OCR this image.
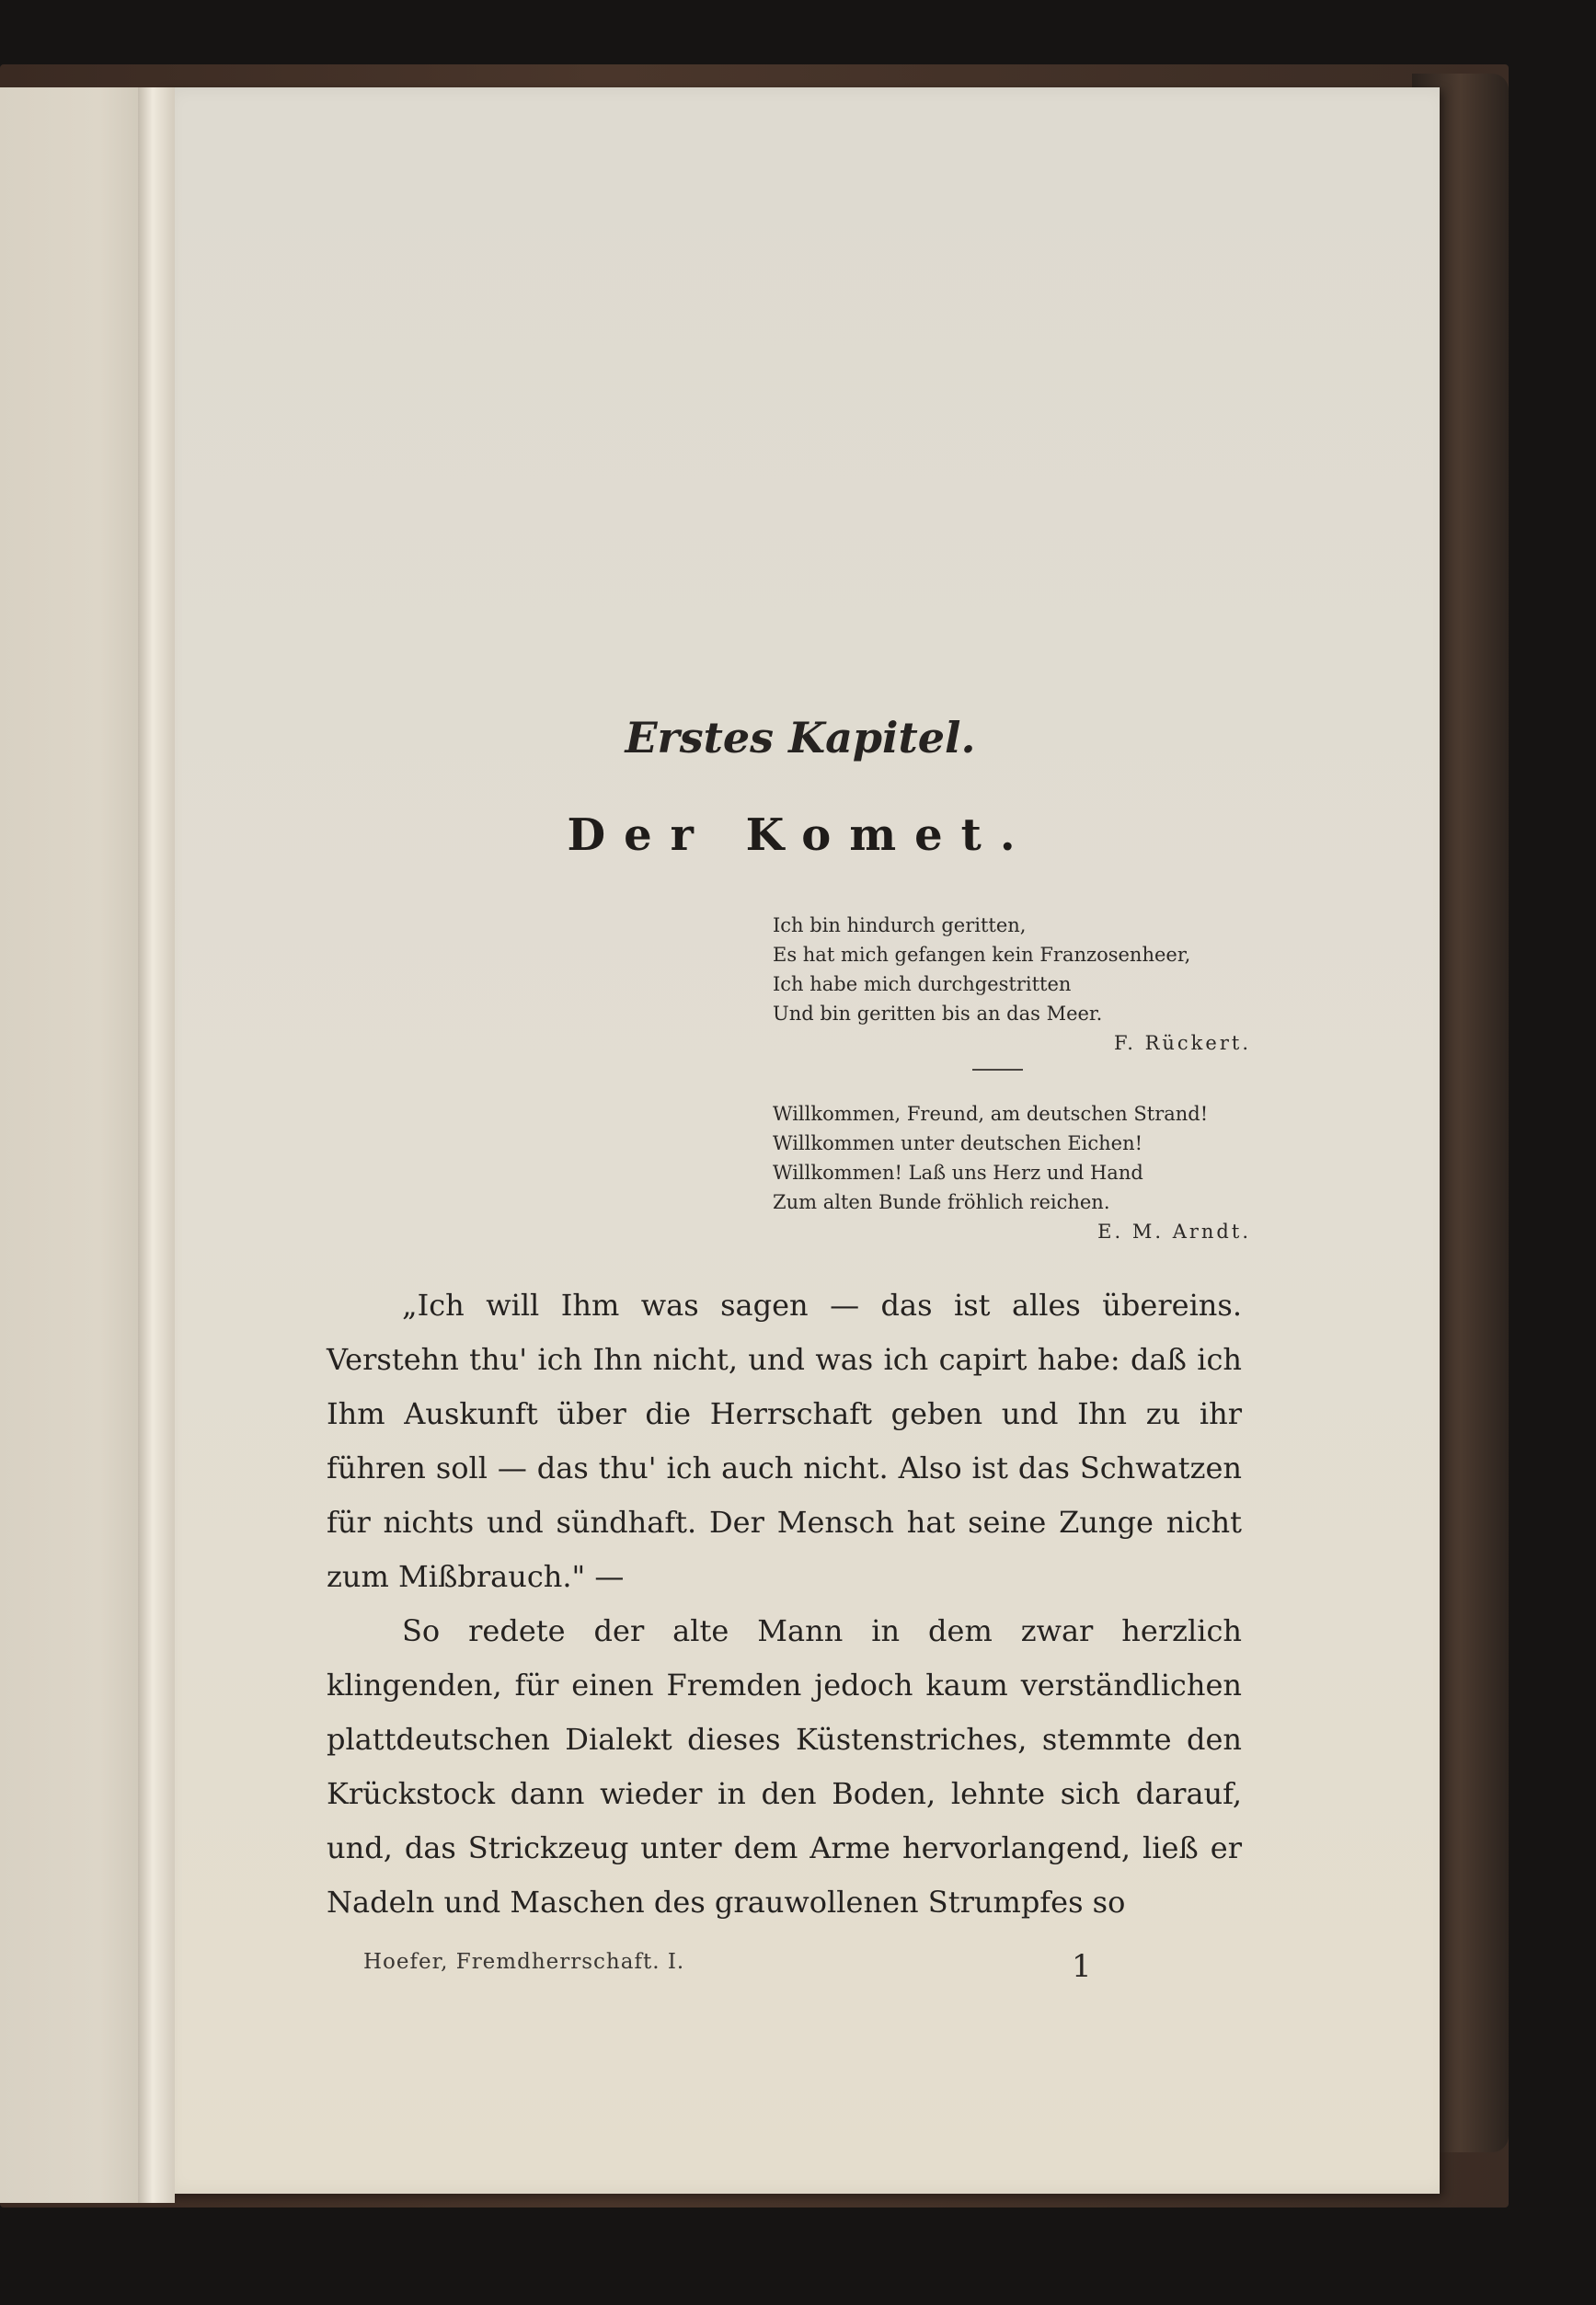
Erstes Kapitel.
Der Komet.
Ich bin hindurch geritten,
Es hat mich gefangen kein Franzosenheer,
Ich habe mich durchgestritten
Und bin geritten bis an das Meer.
F. Rückert.
Willkommen, Freund, am deutschen Strand!
Willkommen unter deutschen Eichen!
Willkommen! Laß uns Herz und Hand
Zum alten Bunde fröhlich reichen.
E. M. Arndt.

„Ich will Ihm was sagen — das ist alles übereins. Verstehn thu' ich Ihn nicht, und was ich capirt habe: daß ich Ihm Auskunft über die Herrschaft geben und Ihn zu ihr führen soll — das thu' ich auch nicht. Also ist das Schwatzen für nichts und sündhaft. Der Mensch hat seine Zunge nicht zum Mißbrauch." —

So redete der alte Mann in dem zwar herzlich klingenden, für einen Fremden jedoch kaum verständlichen plattdeutschen Dialekt dieses Küstenstriches, stemmte den Krückstock dann wieder in den Boden, lehnte sich darauf, und, das Strickzeug unter dem Arme hervorlangend, ließ er Nadeln und Maschen des grauwollenen Strumpfes so

Hoefer, Fremdherrschaft. I.	1
